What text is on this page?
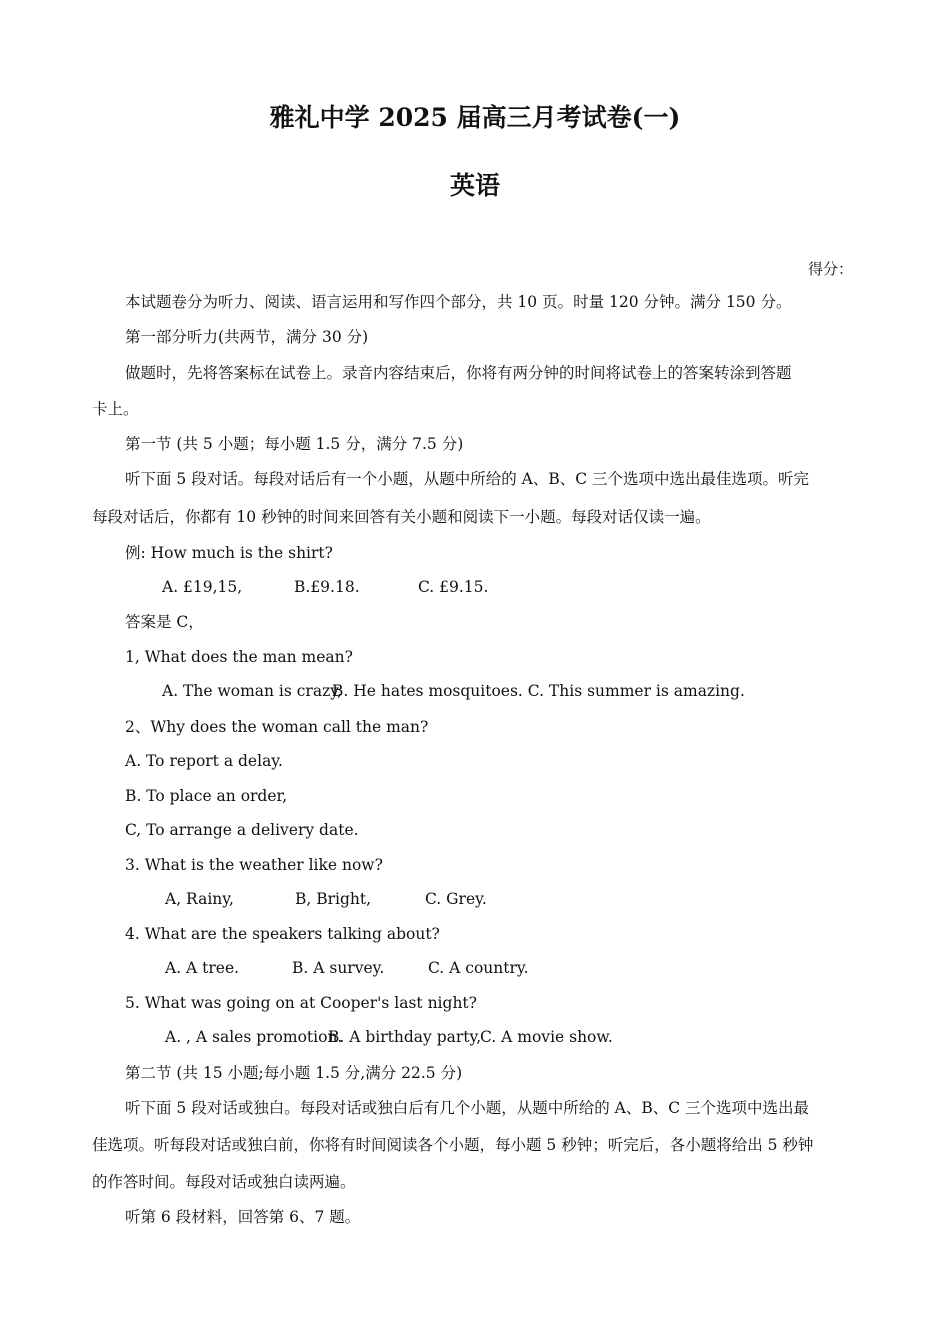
雅礼中学 2025 届高三月考试卷(一)
英语
得分：
本试题卷分为听力、阅读、语言运用和写作四个部分，共 10 页。时量 120 分钟。满分 150 分。
第一部分听力(共两节，满分 30 分)
做题时，先将答案标在试卷上。录音内容结束后，你将有两分钟的时间将试卷上的答案转涂到答题
卡上。
第一节 (共 5 小题；每小题 1.5 分，满分 7.5 分)
听下面 5 段对话。每段对话后有一个小题，从题中所给的 A、B、C 三个选项中选出最佳选项。听完
每段对话后，你都有 10 秒钟的时间来回答有关小题和阅读下一小题。每段对话仅读一遍。
例: How much is the shirt?
A. £19,15,	B.£9.18.	C. £9.15.
答案是 C，
1, What does the man mean?
A. The woman is crazy,
B. He hates mosquitoes. C. This summer is amazing.
2、Why does the woman call the man?
A. To report a delay.
B. To place an order,
C, To arrange a delivery date.
3. What is the weather like now?
A, Rainy,	B, Bright,	C. Grey.
4. What are the speakers talking about?
A. A tree.	B. A survey.	C. A country.
5. What was going on at Cooper's last night?
A. , A sales promotion.
B. A birthday party,
C. A movie show.
第二节 (共 15 小题;每小题 1.5 分,满分 22.5 分)
听下面 5 段对话或独白。每段对话或独白后有几个小题，从题中所给的 A、B、C 三个选项中选出最
佳选项。听每段对话或独白前，你将有时间阅读各个小题，每小题 5 秒钟；听完后，各小题将给出 5 秒钟
的作答时间。每段对话或独白读两遍。
听第 6 段材料，回答第 6、7 题。
